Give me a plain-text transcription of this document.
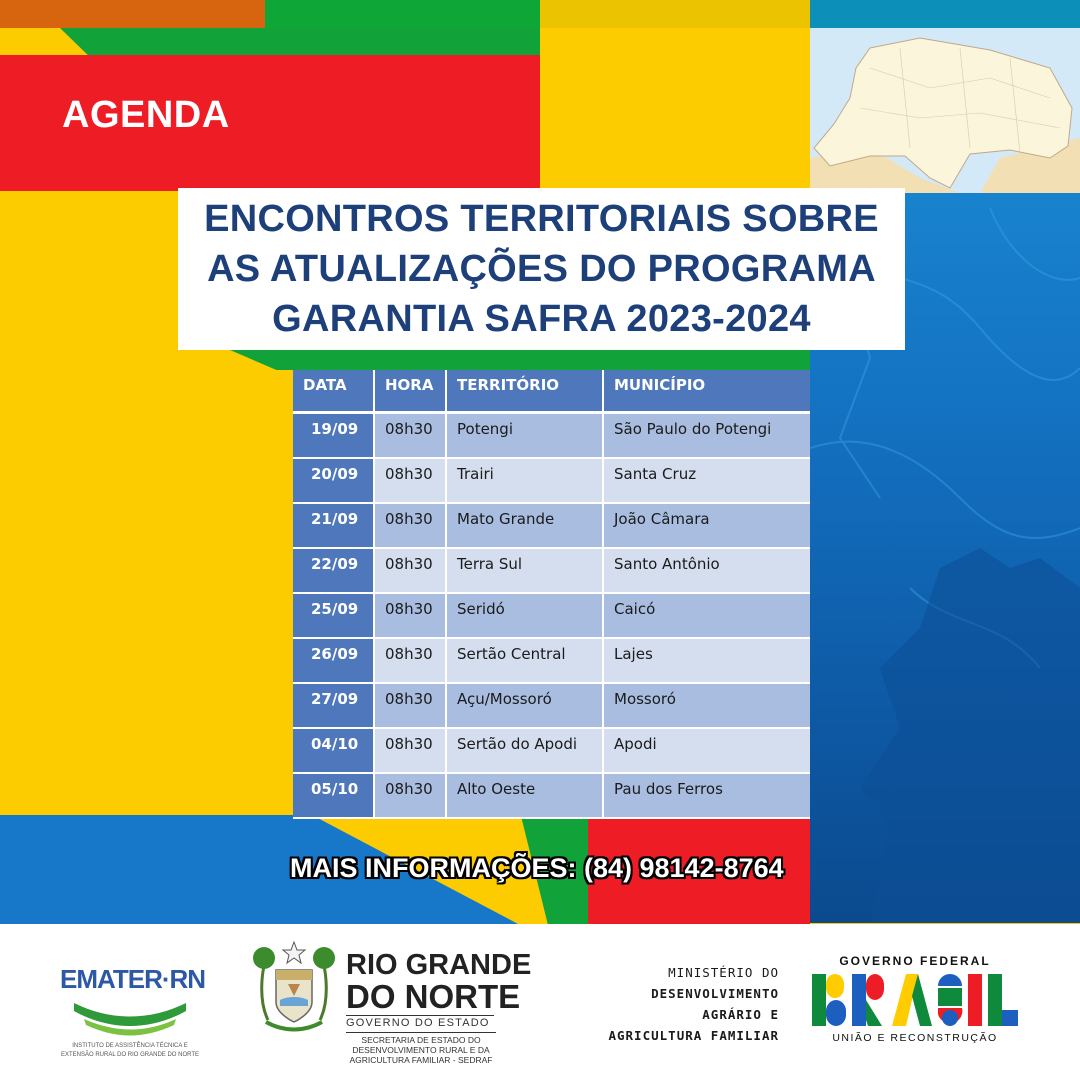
AGENDA
ENCONTROS TERRITORIAIS SOBRE
AS ATUALIZAÇÕES DO PROGRAMA
GARANTIA SAFRA 2023-2024
DATA	HORA	TERRITÓRIO	MUNICÍPIO
19/09	08h30	Potengi	São Paulo do Potengi
20/09	08h30	Trairi	Santa Cruz
21/09	08h30	Mato Grande	João Câmara
22/09	08h30	Terra Sul	Santo Antônio
25/09	08h30	Seridó	Caicó
26/09	08h30	Sertão Central	Lajes
27/09	08h30	Açu/Mossoró	Mossoró
04/10	08h30	Sertão do Apodi	Apodi
05/10	08h30	Alto Oeste	Pau dos Ferros
MAIS INFORMAÇÕES: (84) 98142-8764
EMATER·RN
INSTITUTO DE ASSISTÊNCIA TÉCNICA E
EXTENSÃO RURAL DO RIO GRANDE DO NORTE
RIO GRANDE
DO NORTE
GOVERNO DO ESTADO
SECRETARIA DE ESTADO DO
DESENVOLVIMENTO RURAL E DA
AGRICULTURA FAMILIAR - SEDRAF
MINISTÉRIO DO
DESENVOLVIMENTO
AGRÁRIO E
AGRICULTURA FAMILIAR
GOVERNO FEDERAL
UNIÃO E RECONSTRUÇÃO
